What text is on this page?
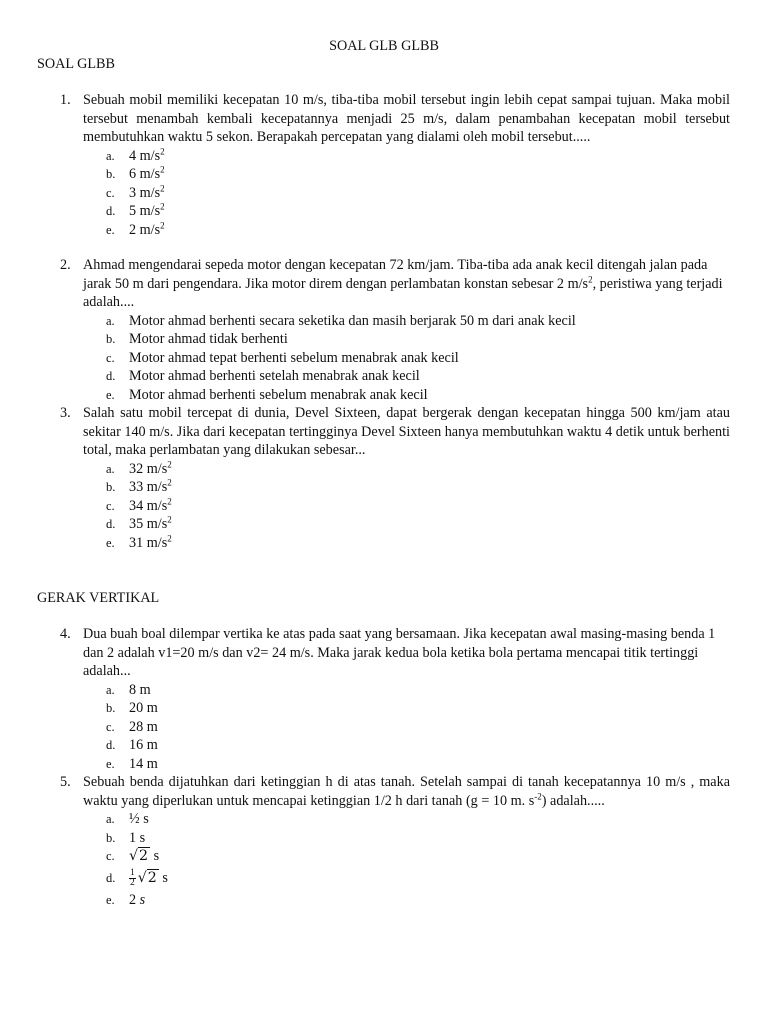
SOAL GLB GLBB
SOAL GLBB
1. Sebuah mobil memiliki kecepatan 10 m/s, tiba-tiba mobil tersebut ingin lebih cepat sampai tujuan. Maka mobil tersebut menambah kembali kecepatannya menjadi 25 m/s, dalam penambahan kecepatan mobil tersebut membutuhkan waktu 5 sekon. Berapakah percepatan yang dialami oleh mobil tersebut.....
a. 4 $m/s^2$
b. 6 $m/s^2$
c. 3 $m/s^2$
d. 5 $m/s^2$
e. 2 $m/s^2$
2. Ahmad mengendarai sepeda motor dengan kecepatan 72 km/jam. Tiba-tiba ada anak kecil ditengah jalan pada jarak 50 m dari pengendara. Jika motor direm dengan perlambatan konstan sebesar 2 $m/s^2$, peristiwa yang terjadi adalah....
a. Motor ahmad berhenti secara seketika dan masih berjarak 50 m dari anak kecil
b. Motor ahmad tidak berhenti
c. Motor ahmad tepat berhenti sebelum menabrak anak kecil
d. Motor ahmad berhenti setelah menabrak anak kecil
e. Motor ahmad berhenti sebelum menabrak anak kecil
3. Salah satu mobil tercepat di dunia, Devel Sixteen, dapat bergerak dengan kecepatan hingga 500 km/jam atau sekitar 140 m/s. Jika dari kecepatan tertingginya Devel Sixteen hanya membutuhkan waktu 4 detik untuk berhenti total, maka perlambatan yang dilakukan sebesar...
a. 32 $m/s^2$
b. 33 $m/s^2$
c. 34 $m/s^2$
d. 35 $m/s^2$
e. 31 $m/s^2$
GERAK VERTIKAL
4. Dua buah boal dilempar vertika ke atas pada saat yang bersamaan. Jika kecepatan awal masing-masing benda 1 dan 2 adalah v1=20 m/s dan v2= 24 m/s. Maka jarak kedua bola ketika bola pertama mencapai titik tertinggi adalah...
a. 8 m
b. 20 m
c. 28 m
d. 16 m
e. 14 m
5. Sebuah benda dijatuhkan dari ketinggian h di atas tanah. Setelah sampai di tanah kecepatannya 10 m/s , maka waktu yang diperlukan untuk mencapai ketinggian 1/2 h dari tanah (g = 10 m. $s^{-2}$) adalah.....
a. ½ s
b. 1 s
c. √2 s
d. $\frac{1}{2} √2$ s
e. 2 s
